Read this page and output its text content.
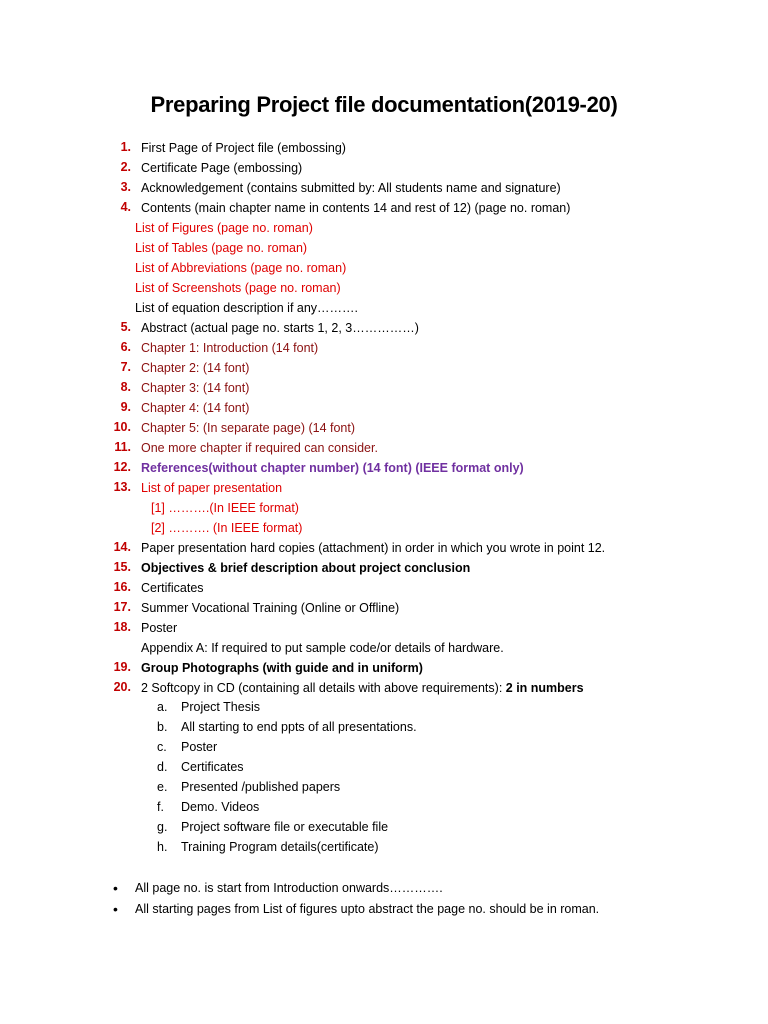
Preparing Project file documentation(2019-20)
1. First Page of Project file (embossing)
2. Certificate Page (embossing)
3. Acknowledgement (contains submitted by: All students name and signature)
4. Contents (main chapter name in contents 14 and rest of 12) (page no. roman)
List of Figures (page no. roman)
List of Tables (page no. roman)
List of Abbreviations (page no. roman)
List of Screenshots (page no. roman)
List of equation description if any……….
5. Abstract (actual page no. starts 1, 2, 3……………)
6. Chapter 1: Introduction (14 font)
7. Chapter 2: (14 font)
8. Chapter 3: (14 font)
9. Chapter 4: (14 font)
10. Chapter 5: (In separate page) (14 font)
11. One more chapter if required can consider.
12. References(without chapter number) (14 font) (IEEE format only)
13. List of paper presentation
[1] ……….(In IEEE format)
[2] ………. (In IEEE format)
14. Paper presentation hard copies (attachment) in order in which you wrote in point 12.
15. Objectives & brief description about project conclusion
16. Certificates
17. Summer Vocational Training (Online or Offline)
18. Poster
Appendix A: If required to put sample code/or details of hardware.
19. Group Photographs (with guide and in uniform)
20. 2 Softcopy in CD (containing all details with above requirements): 2 in numbers
a. Project Thesis
b. All starting to end ppts of all presentations.
c. Poster
d. Certificates
e. Presented /published papers
f. Demo. Videos
g. Project software file or executable file
h. Training Program details(certificate)
• All page no. is start from Introduction onwards………….
• All starting pages from List of figures upto abstract the page no. should be in roman.
